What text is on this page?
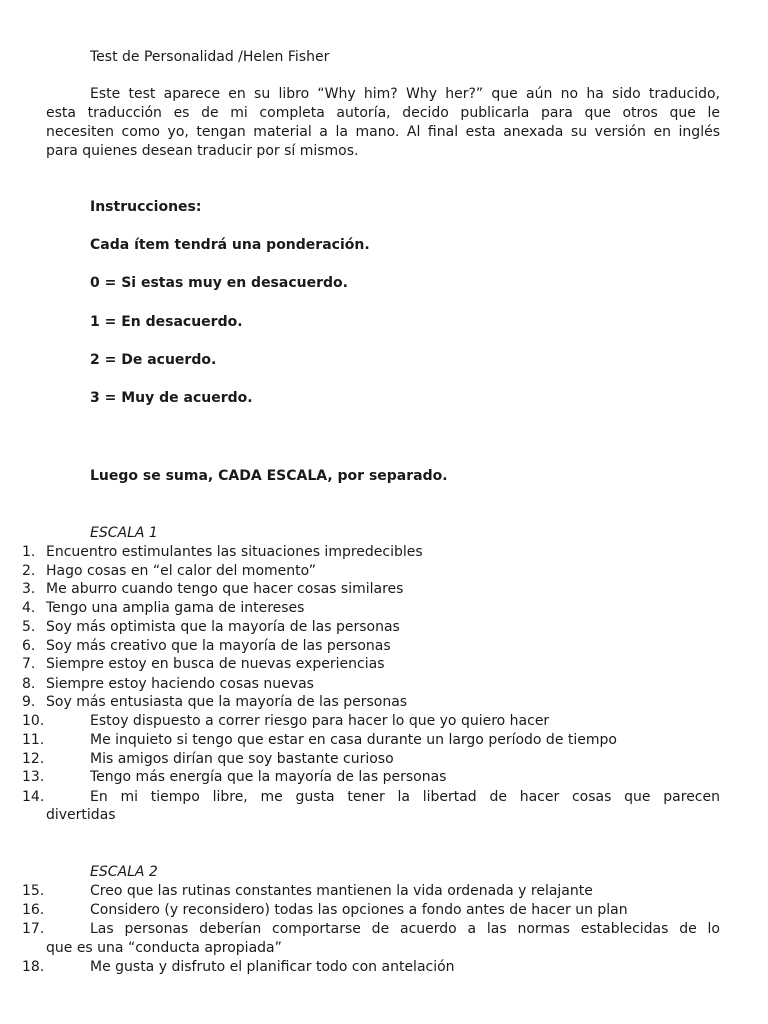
Test de Personalidad /Helen Fisher
Este test aparece en su libro “Why him? Why her?” que aún no ha sido traducido,
esta traducción es de mi completa autoría, decido publicarla para que otros que le
necesiten como yo, tengan material a la mano. Al final esta anexada su versión en inglés
para quienes desean traducir por sí mismos.
Instrucciones:
Cada ítem tendrá una ponderación.
0 = Si estas muy en desacuerdo.
1 = En desacuerdo.
2 = De acuerdo.
3 = Muy de acuerdo.
Luego se suma, CADA ESCALA, por separado.
ESCALA 1
1. Encuentro estimulantes las situaciones impredecibles
2. Hago cosas en “el calor del momento”
3. Me aburro cuando tengo que hacer cosas similares
4. Tengo una amplia gama de intereses
5. Soy más optimista que la mayoría de las personas
6. Soy más creativo que la mayoría de las personas
7. Siempre estoy en busca de nuevas experiencias
8. Siempre estoy haciendo cosas nuevas
9. Soy más entusiasta que la mayoría de las personas
10.	Estoy dispuesto a correr riesgo para hacer lo que yo quiero hacer
11.	Me inquieto si tengo que estar en casa durante un largo período de tiempo
12.	Mis amigos dirían que soy bastante curioso
13.	Tengo más energía que la mayoría de las personas
14.	En mi tiempo libre, me gusta tener la libertad de hacer cosas que parecen
divertidas
ESCALA 2
15.	Creo que las rutinas constantes mantienen la vida ordenada y relajante
16.	Considero (y reconsidero) todas las opciones a fondo antes de hacer un plan
17.	Las personas deberían comportarse de acuerdo a las normas establecidas de lo
que es una “conducta apropiada”
18.	Me gusta y disfruto el planificar todo con antelación
